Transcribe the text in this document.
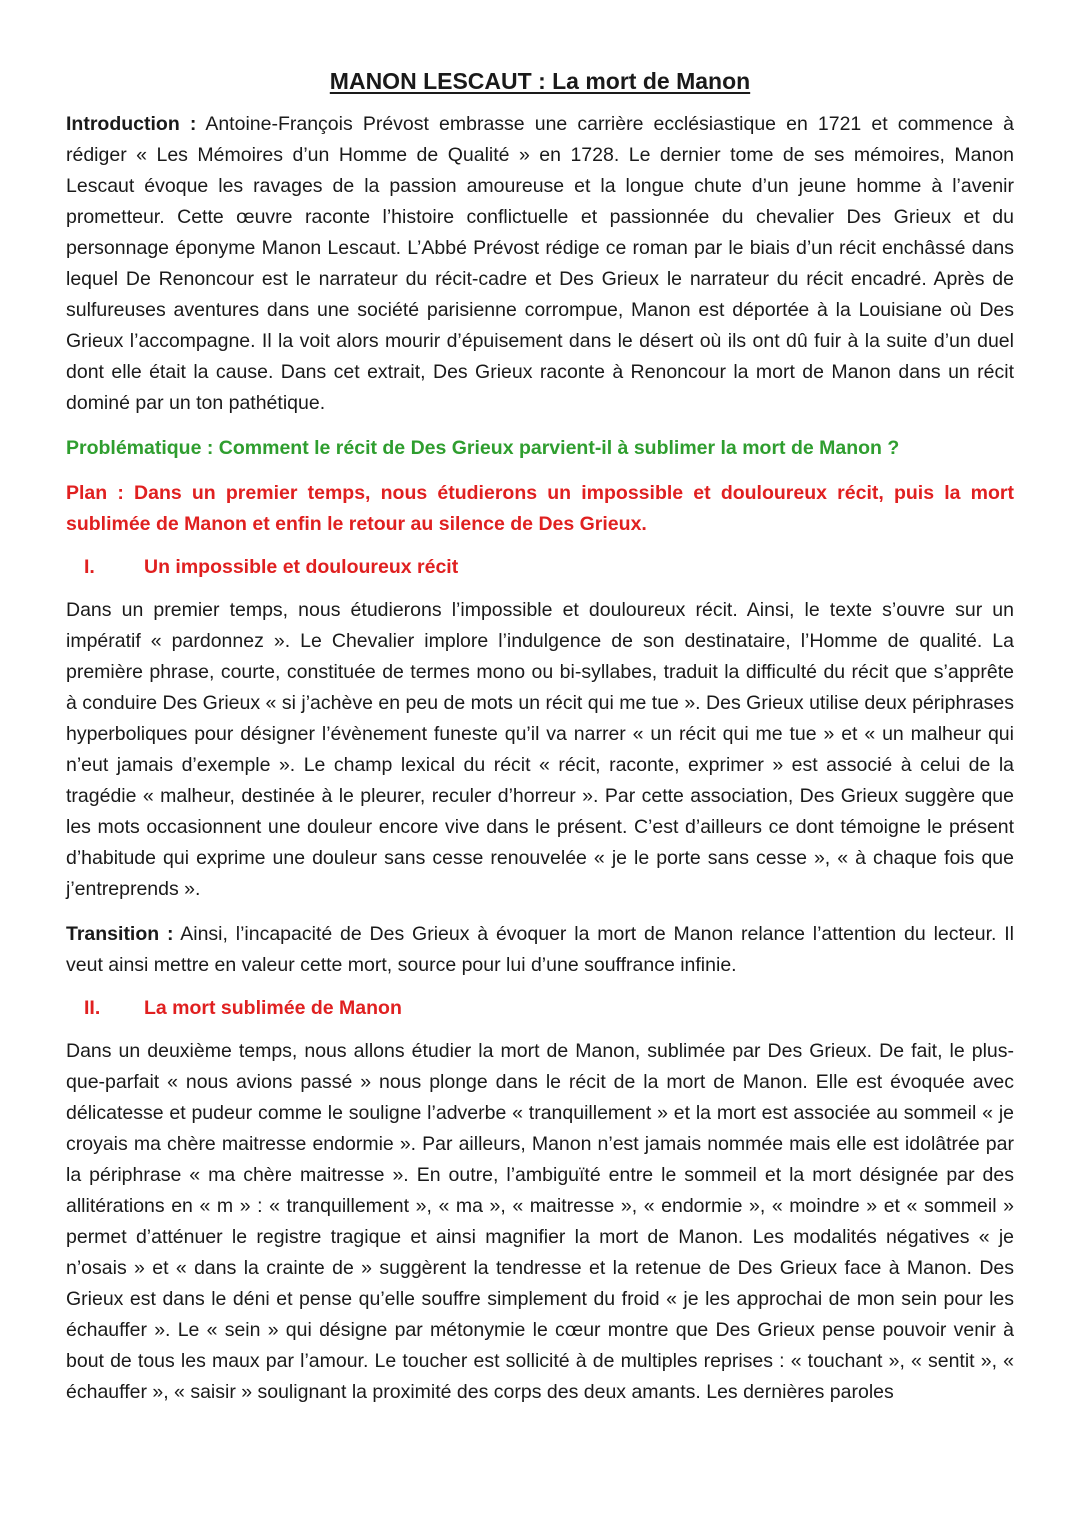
MANON LESCAUT : La mort de Manon

Introduction : Antoine-François Prévost embrasse une carrière ecclésiastique en 1721 et commence à rédiger « Les Mémoires d’un Homme de Qualité » en 1728. Le dernier tome de ses mémoires, Manon Lescaut évoque les ravages de la passion amoureuse et la longue chute d’un jeune homme à l’avenir prometteur. Cette œuvre raconte l’histoire conflictuelle et passionnée du chevalier Des Grieux et du personnage éponyme Manon Lescaut. L’Abbé Prévost rédige ce roman par le biais d’un récit enchâssé dans lequel De Renoncour est le narrateur du récit-cadre et Des Grieux le narrateur du récit encadré. Après de sulfureuses aventures dans une société parisienne corrompue, Manon est déportée à la Louisiane où Des Grieux l’accompagne. Il la voit alors mourir d’épuisement dans le désert où ils ont dû fuir à la suite d’un duel dont elle était la cause. Dans cet extrait, Des Grieux raconte à Renoncour la mort de Manon dans un récit dominé par un ton pathétique.

Problématique : Comment le récit de Des Grieux parvient-il à sublimer la mort de Manon ?

Plan : Dans un premier temps, nous étudierons un impossible et douloureux récit, puis la mort sublimée de Manon et enfin le retour au silence de Des Grieux.

I.	Un impossible et douloureux récit

Dans un premier temps, nous étudierons l’impossible et douloureux récit. Ainsi, le texte s’ouvre sur un impératif « pardonnez ». Le Chevalier implore l’indulgence de son destinataire, l’Homme de qualité. La première phrase, courte, constituée de termes mono ou bi-syllabes, traduit la difficulté du récit que s’apprête à conduire Des Grieux « si j’achève en peu de mots un récit qui me tue ». Des Grieux utilise deux périphrases hyperboliques pour désigner l’évènement funeste qu’il va narrer « un récit qui me tue » et « un malheur qui n’eut jamais d’exemple ». Le champ lexical du récit « récit, raconte, exprimer » est associé à celui de la tragédie « malheur, destinée à le pleurer, reculer d’horreur ». Par cette association, Des Grieux suggère que les mots occasionnent une douleur encore vive dans le présent. C’est d’ailleurs ce dont témoigne le présent d’habitude qui exprime une douleur sans cesse renouvelée « je le porte sans cesse », « à chaque fois que j’entreprends ».

Transition : Ainsi, l’incapacité de Des Grieux à évoquer la mort de Manon relance l’attention du lecteur. Il veut ainsi mettre en valeur cette mort, source pour lui d’une souffrance infinie.

II.	La mort sublimée de Manon

Dans un deuxième temps, nous allons étudier la mort de Manon, sublimée par Des Grieux. De fait, le plus-que-parfait « nous avions passé » nous plonge dans le récit de la mort de Manon. Elle est évoquée avec délicatesse et pudeur comme le souligne l’adverbe « tranquillement » et la mort est associée au sommeil « je croyais ma chère maitresse endormie ». Par ailleurs, Manon n’est jamais nommée mais elle est idolâtrée par la périphrase « ma chère maitresse ». En outre, l’ambiguïté entre le sommeil et la mort désignée par des allitérations en « m » : « tranquillement », « ma », « maitresse », « endormie », « moindre » et « sommeil » permet d’atténuer le registre tragique et ainsi magnifier la mort de Manon. Les modalités négatives « je n’osais » et « dans la crainte de » suggèrent la tendresse et la retenue de Des Grieux face à Manon. Des Grieux est dans le déni et pense qu’elle souffre simplement du froid « je les approchai de mon sein pour les échauffer ». Le « sein » qui désigne par métonymie le cœur montre que Des Grieux pense pouvoir venir à bout de tous les maux par l’amour. Le toucher est sollicité à de multiples reprises : « touchant », « sentit », « échauffer », « saisir » soulignant la proximité des corps des deux amants. Les dernières paroles
